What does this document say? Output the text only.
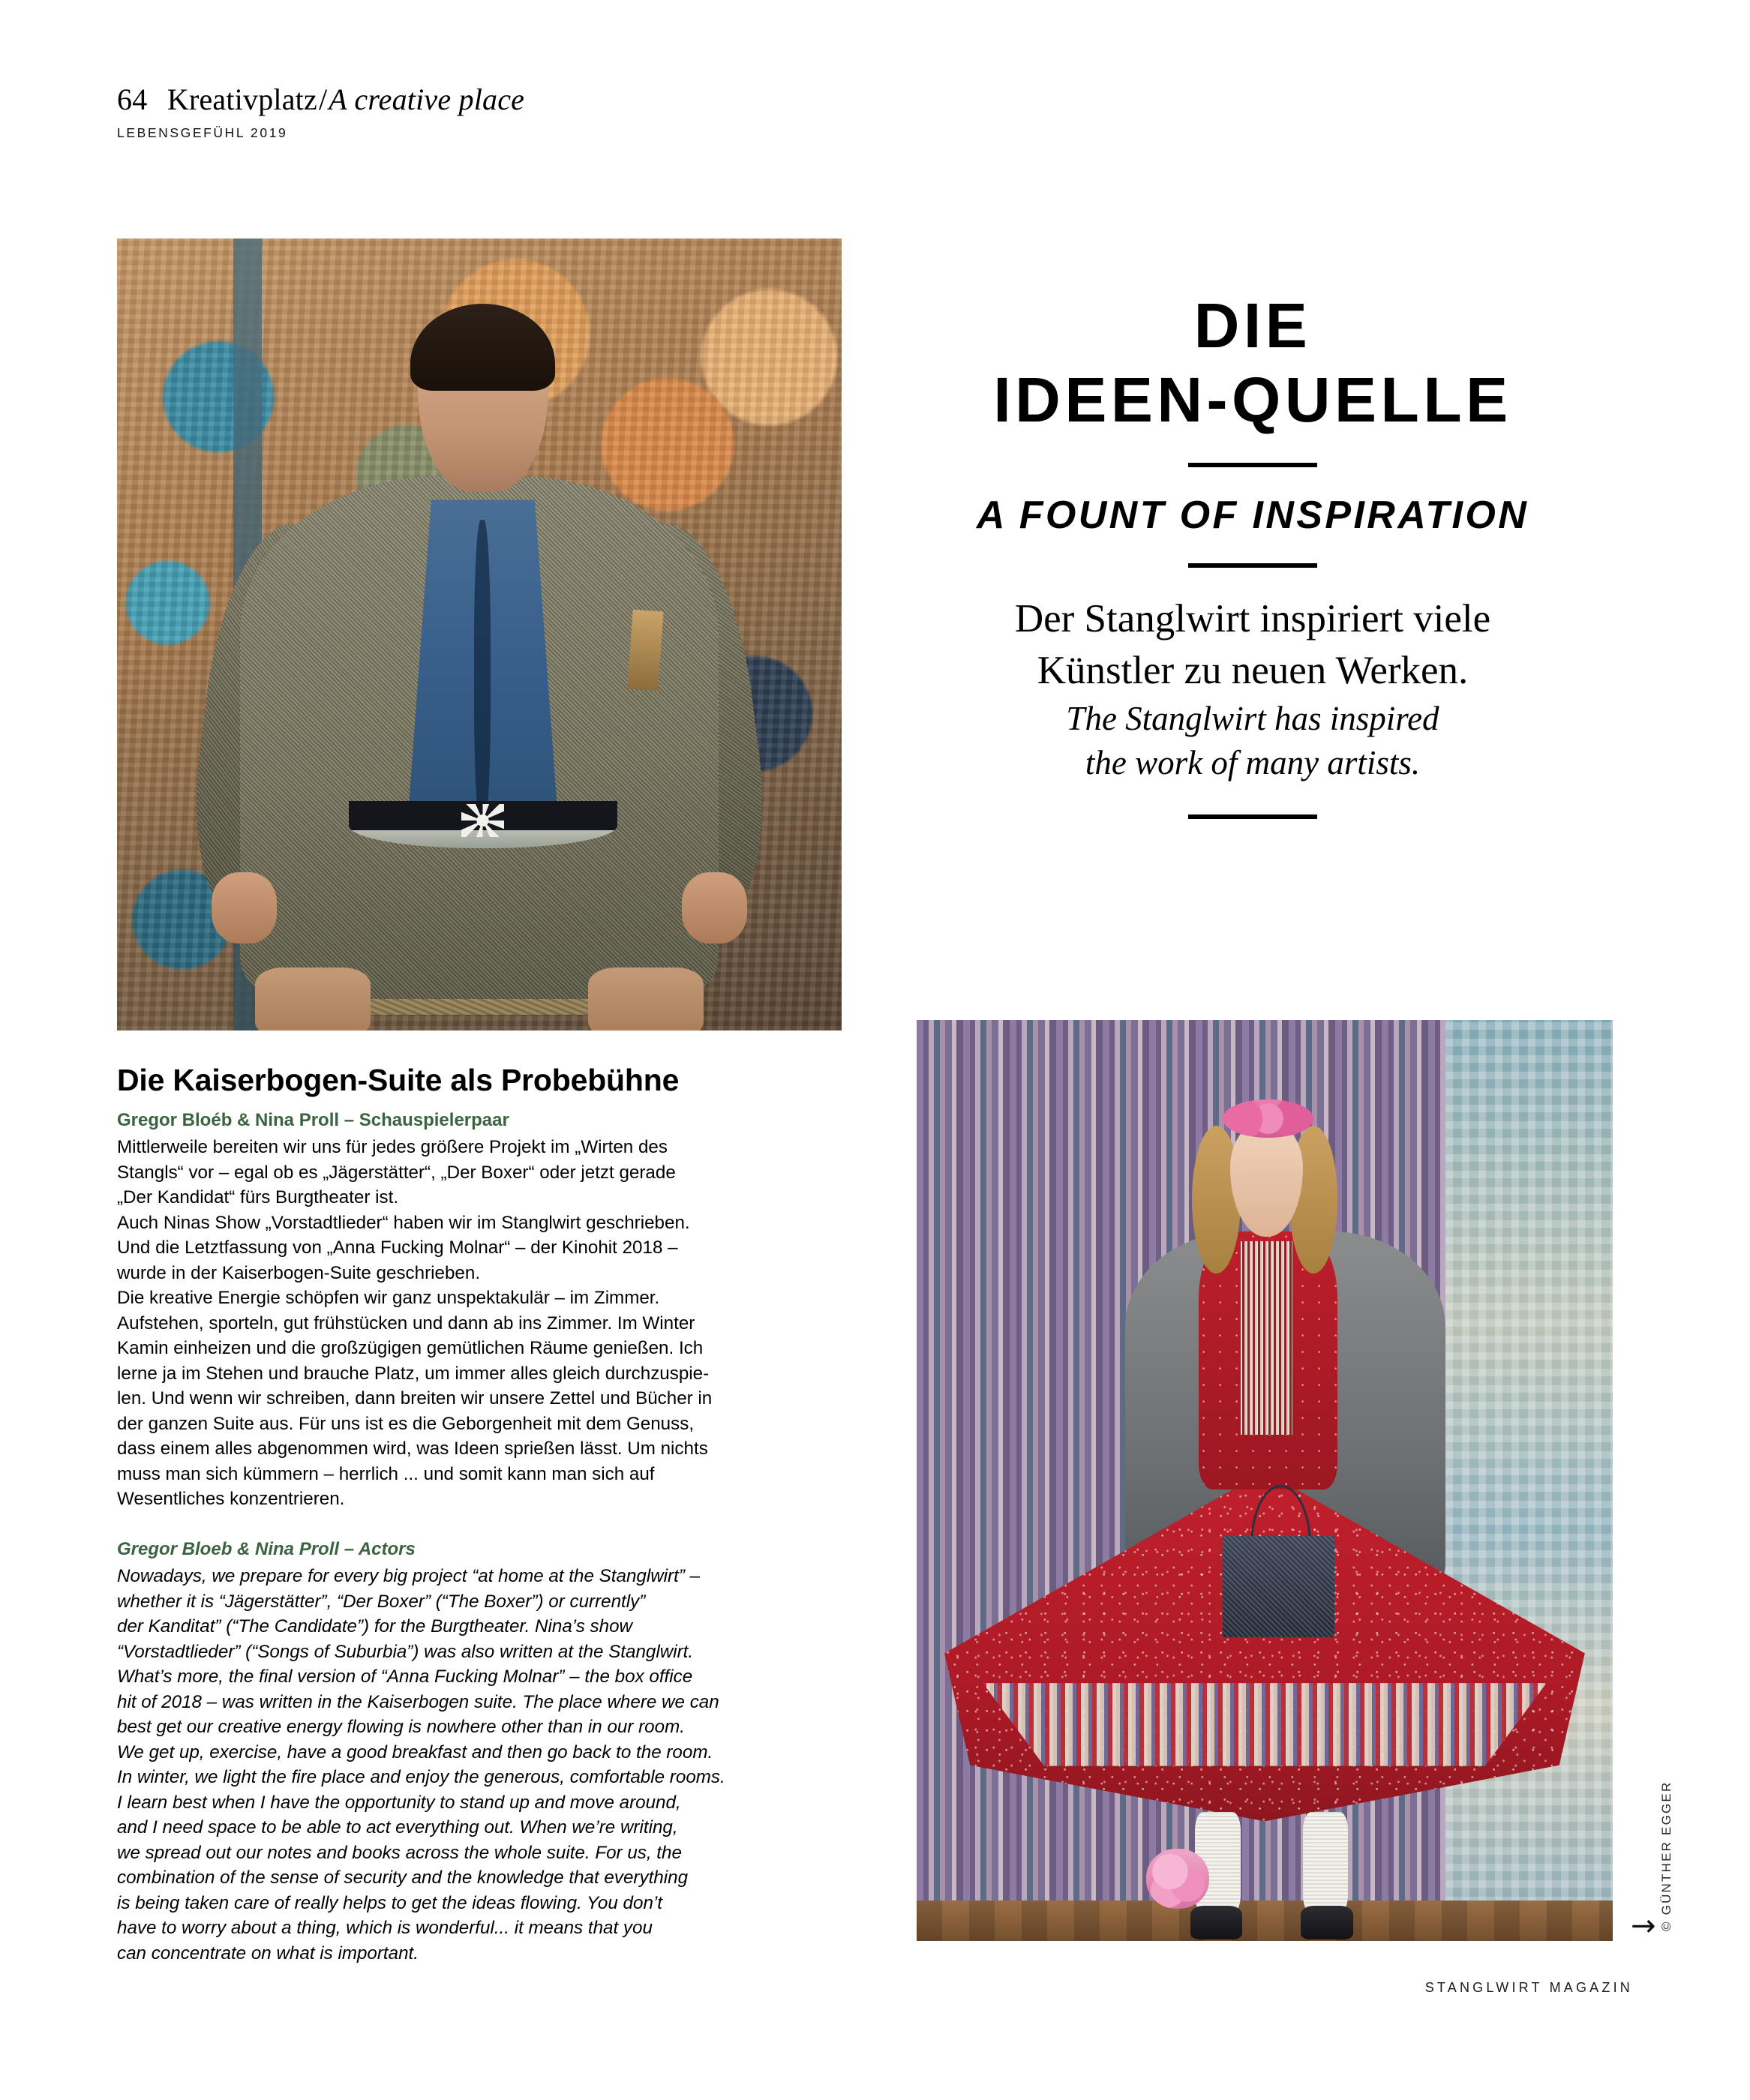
64 Kreativplatz/A creative place
LEBENSGEFÜHL 2019
DIE
IDEEN-QUELLE
A FOUNT OF INSPIRATION

Der Stanglwirt inspiriert viele

Künstler zu neuen Werken.

The Stanglwirt has inspired

the work of many artists.

Die Kaiserbogen-Suite als Probebühne

Gregor Bloéb & Nina Proll – Schauspielerpaar

Mittlerweile bereiten wir uns für jedes größere Projekt im „Wirten des
Stangls“ vor – egal ob es „Jägerstätter“, „Der Boxer“ oder jetzt gerade
„Der Kandidat“ fürs Burgtheater ist.
Auch Ninas Show „Vorstadtlieder“ haben wir im Stanglwirt geschrieben.
Und die Letztfassung von „Anna Fucking Molnar“ – der Kinohit 2018 –
wurde in der Kaiserbogen-Suite geschrieben.
Die kreative Energie schöpfen wir ganz unspektakulär – im Zimmer.
Aufstehen, sporteln, gut frühstücken und dann ab ins Zimmer. Im Winter
Kamin einheizen und die großzügigen gemütlichen Räume genießen. Ich
lerne ja im Stehen und brauche Platz, um immer alles gleich durchzuspie-
len. Und wenn wir schreiben, dann breiten wir unsere Zettel und Bücher in
der ganzen Suite aus. Für uns ist es die Geborgenheit mit dem Genuss,
dass einem alles abgenommen wird, was Ideen sprießen lässt. Um nichts
muss man sich kümmern – herrlich ... und somit kann man sich auf
Wesentliches konzentrieren.

Gregor Bloeb & Nina Proll – Actors

Nowadays, we prepare for every big project “at home at the Stanglwirt” –
whether it is “Jägerstätter”, “Der Boxer” (“The Boxer”) or currently”
der Kanditat” (“The Candidate”) for the Burgtheater. Nina’s show
“Vorstadtlieder” (“Songs of Suburbia”) was also written at the Stanglwirt.
What’s more, the final version of “Anna Fucking Molnar” – the box office
hit of 2018 – was written in the Kaiserbogen suite. The place where we can
best get our creative energy flowing is nowhere other than in our room.
We get up, exercise, have a good breakfast and then go back to the room.
In winter, we light the fire place and enjoy the generous, comfortable rooms.
I learn best when I have the opportunity to stand up and move around,
and I need space to be able to act everything out. When we’re writing,
we spread out our notes and books across the whole suite. For us, the
combination of the sense of security and the knowledge that everything
is being taken care of really helps to get the ideas flowing. You don’t
have to worry about a thing, which is wonderful... it means that you
can concentrate on what is important.
© GÜNTHER EGGER
→
STANGLWIRT MAGAZIN
